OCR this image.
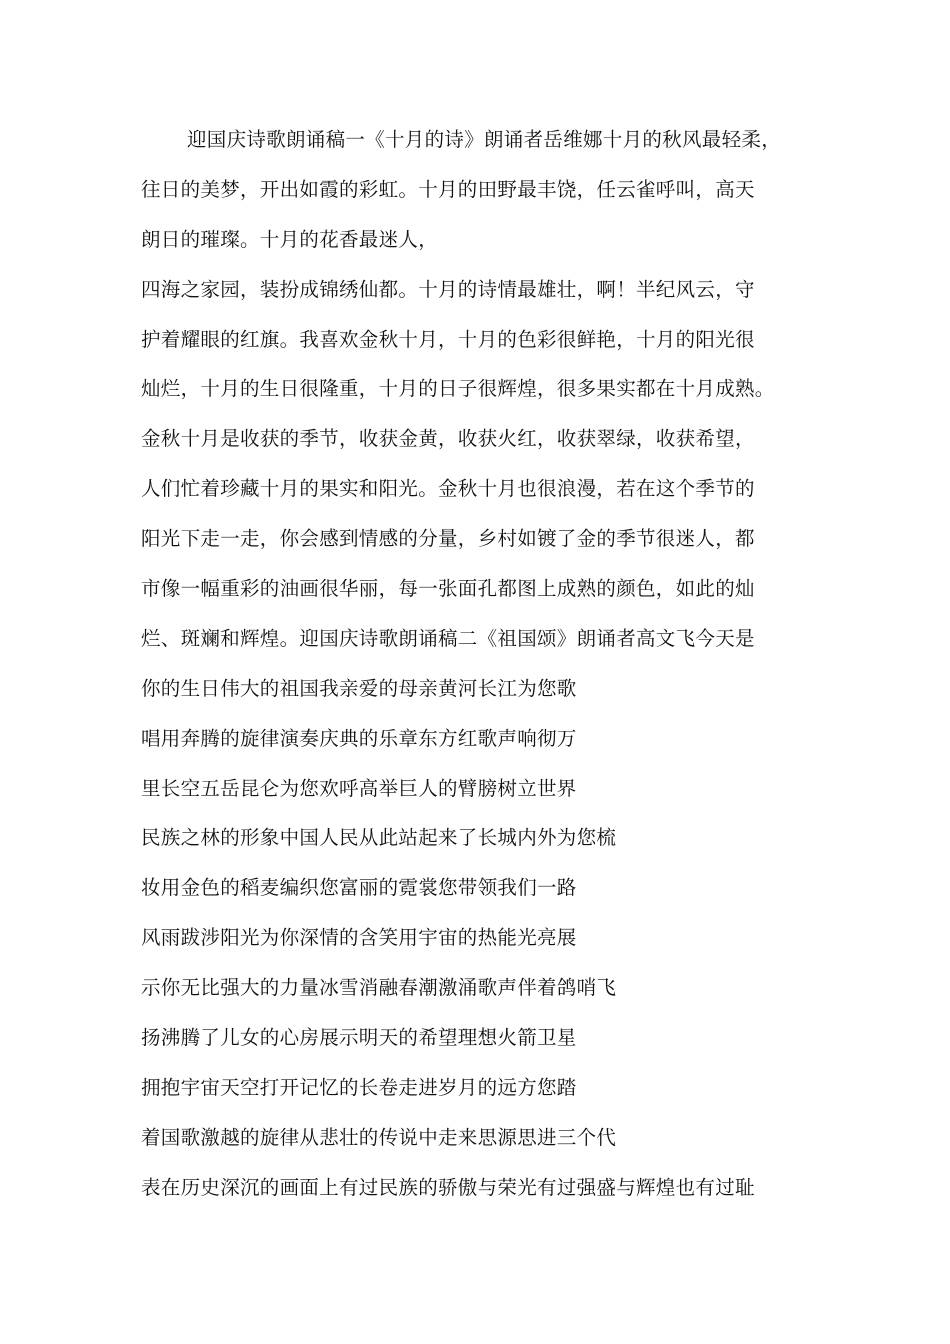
迎国庆诗歌朗诵稿一《十月的诗》朗诵者岳维娜十月的秋风最轻柔，
往日的美梦，开出如霞的彩虹。十月的田野最丰饶，任云雀呼叫，高天
朗日的璀璨。十月的花香最迷人，
四海之家园，装扮成锦绣仙都。十月的诗情最雄壮，啊！半纪风云，守
护着耀眼的红旗。我喜欢金秋十月，十月的色彩很鲜艳，十月的阳光很
灿烂，十月的生日很隆重，十月的日子很辉煌，很多果实都在十月成熟。
金秋十月是收获的季节，收获金黄，收获火红，收获翠绿，收获希望，
人们忙着珍藏十月的果实和阳光。金秋十月也很浪漫，若在这个季节的
阳光下走一走，你会感到情感的分量，乡村如镀了金的季节很迷人，都
市像一幅重彩的油画很华丽，每一张面孔都图上成熟的颜色，如此的灿
烂、斑斓和辉煌。迎国庆诗歌朗诵稿二《祖国颂》朗诵者高文飞今天是
你的生日伟大的祖国我亲爱的母亲黄河长江为您歌
唱用奔腾的旋律演奏庆典的乐章东方红歌声响彻万
里长空五岳昆仑为您欢呼高举巨人的臂膀树立世界
民族之林的形象中国人民从此站起来了长城内外为您梳
妆用金色的稻麦编织您富丽的霓裳您带领我们一路
风雨跋涉阳光为你深情的含笑用宇宙的热能光亮展
示你无比强大的力量冰雪消融春潮激涌歌声伴着鸽哨飞
扬沸腾了儿女的心房展示明天的希望理想火箭卫星
拥抱宇宙天空打开记忆的长卷走进岁月的远方您踏
着国歌激越的旋律从悲壮的传说中走来思源思进三个代
表在历史深沉的画面上有过民族的骄傲与荣光有过强盛与辉煌也有过耻
